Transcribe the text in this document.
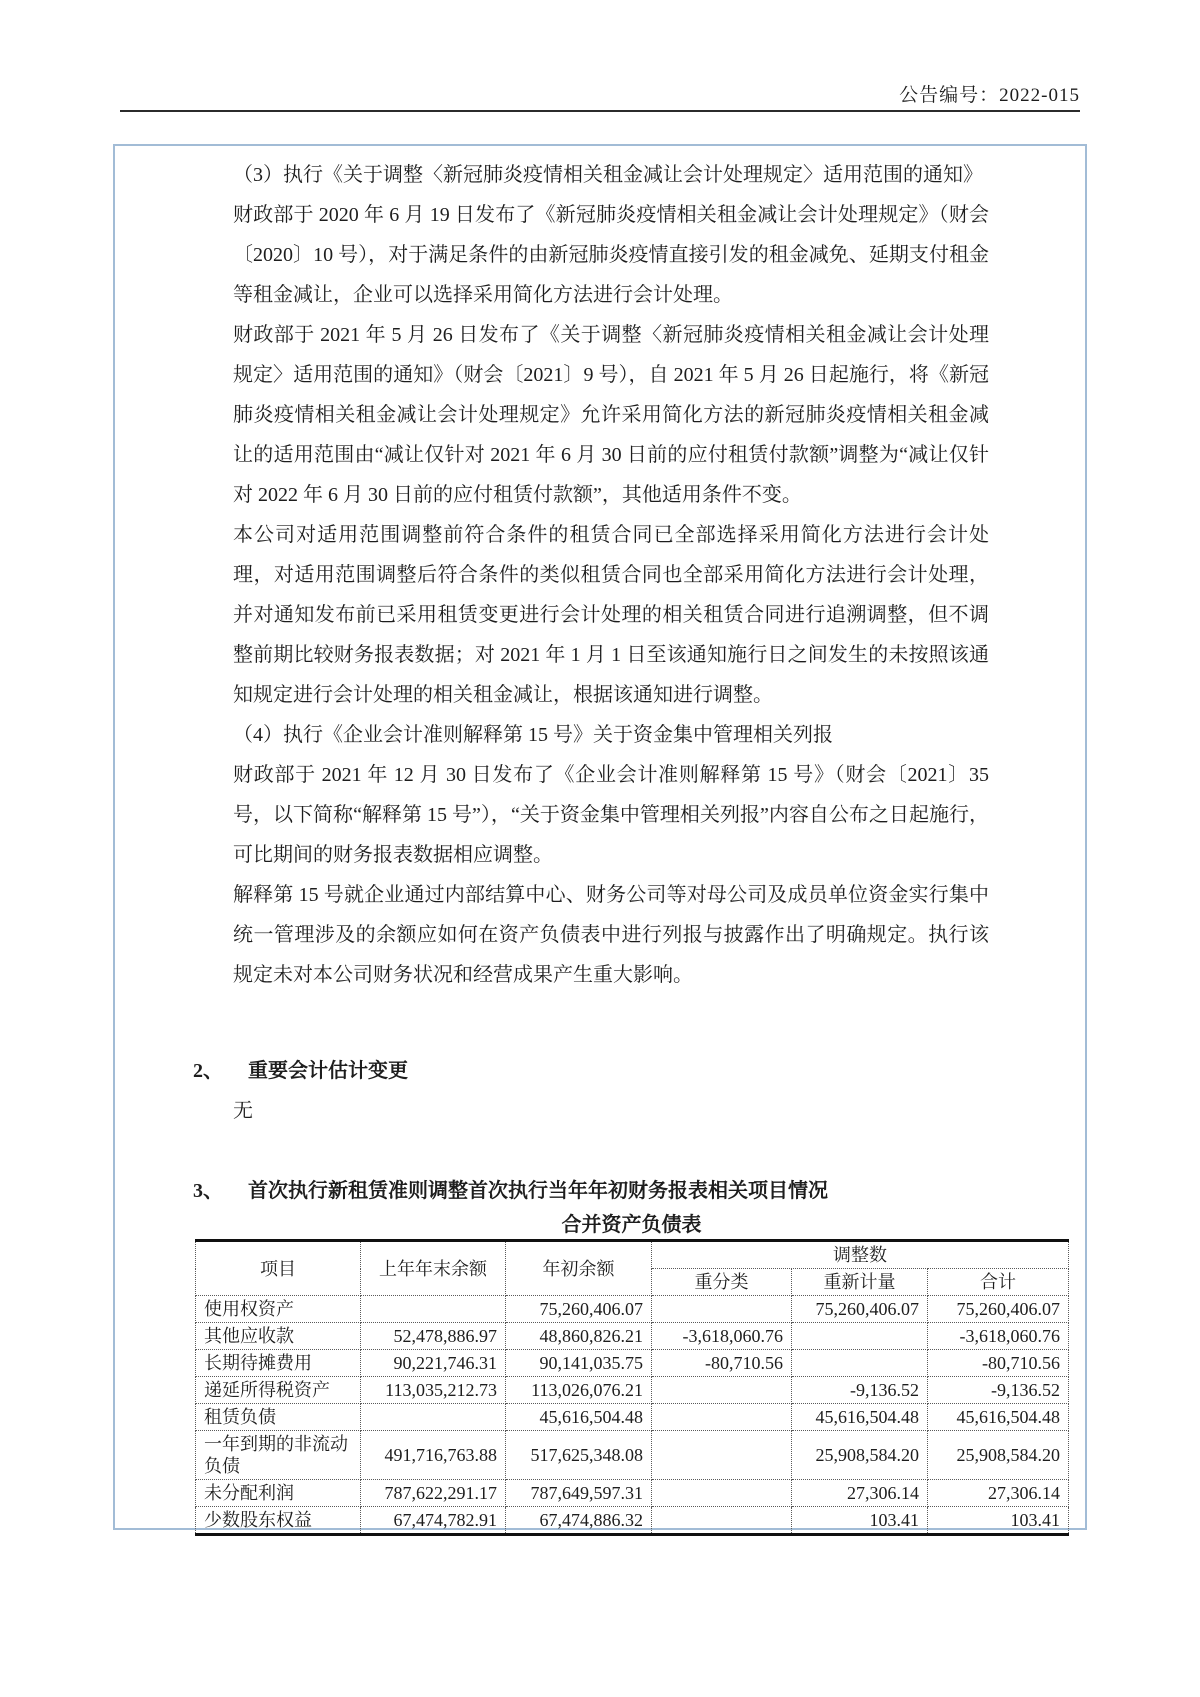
公告编号：2022-015

（3）执行《关于调整〈新冠肺炎疫情相关租金减让会计处理规定〉适用范围的通知》

财政部于 2020 年 6 月 19 日发布了《新冠肺炎疫情相关租金减让会计处理规定》（财会〔2020〕10 号），对于满足条件的由新冠肺炎疫情直接引发的租金减免、延期支付租金等租金减让，企业可以选择采用简化方法进行会计处理。

财政部于 2021 年 5 月 26 日发布了《关于调整〈新冠肺炎疫情相关租金减让会计处理规定〉适用范围的通知》（财会〔2021〕9 号），自 2021 年 5 月 26 日起施行，将《新冠肺炎疫情相关租金减让会计处理规定》允许采用简化方法的新冠肺炎疫情相关租金减让的适用范围由“减让仅针对 2021 年 6 月 30 日前的应付租赁付款额”调整为“减让仅针对 2022 年 6 月 30 日前的应付租赁付款额”，其他适用条件不变。

本公司对适用范围调整前符合条件的租赁合同已全部选择采用简化方法进行会计处理，对适用范围调整后符合条件的类似租赁合同也全部采用简化方法进行会计处理，并对通知发布前已采用租赁变更进行会计处理的相关租赁合同进行追溯调整，但不调整前期比较财务报表数据；对 2021 年 1 月 1 日至该通知施行日之间发生的未按照该通知规定进行会计处理的相关租金减让，根据该通知进行调整。

（4）执行《企业会计准则解释第 15 号》关于资金集中管理相关列报

财政部于 2021 年 12 月 30 日发布了《企业会计准则解释第 15 号》（财会〔2021〕35 号，以下简称“解释第 15 号”），“关于资金集中管理相关列报”内容自公布之日起施行，可比期间的财务报表数据相应调整。

解释第 15 号就企业通过内部结算中心、财务公司等对母公司及成员单位资金实行集中统一管理涉及的余额应如何在资产负债表中进行列报与披露作出了明确规定。执行该规定未对本公司财务状况和经营成果产生重大影响。

2、	重要会计估计变更

无

3、	首次执行新租赁准则调整首次执行当年年初财务报表相关项目情况

合并资产负债表

项目	上年年末余额	年初余额	调整数		
			重分类	重新计量	合计
使用权资产		75,260,406.07		75,260,406.07	75,260,406.07
其他应收款	52,478,886.97	48,860,826.21	-3,618,060.76		-3,618,060.76
长期待摊费用	90,221,746.31	90,141,035.75	-80,710.56		-80,710.56
递延所得税资产	113,035,212.73	113,026,076.21		-9,136.52	-9,136.52
租赁负债		45,616,504.48		45,616,504.48	45,616,504.48
一年到期的非流动负债	491,716,763.88	517,625,348.08		25,908,584.20	25,908,584.20
未分配利润	787,622,291.17	787,649,597.31		27,306.14	27,306.14
少数股东权益	67,474,782.91	67,474,886.32		103.41	103.41
